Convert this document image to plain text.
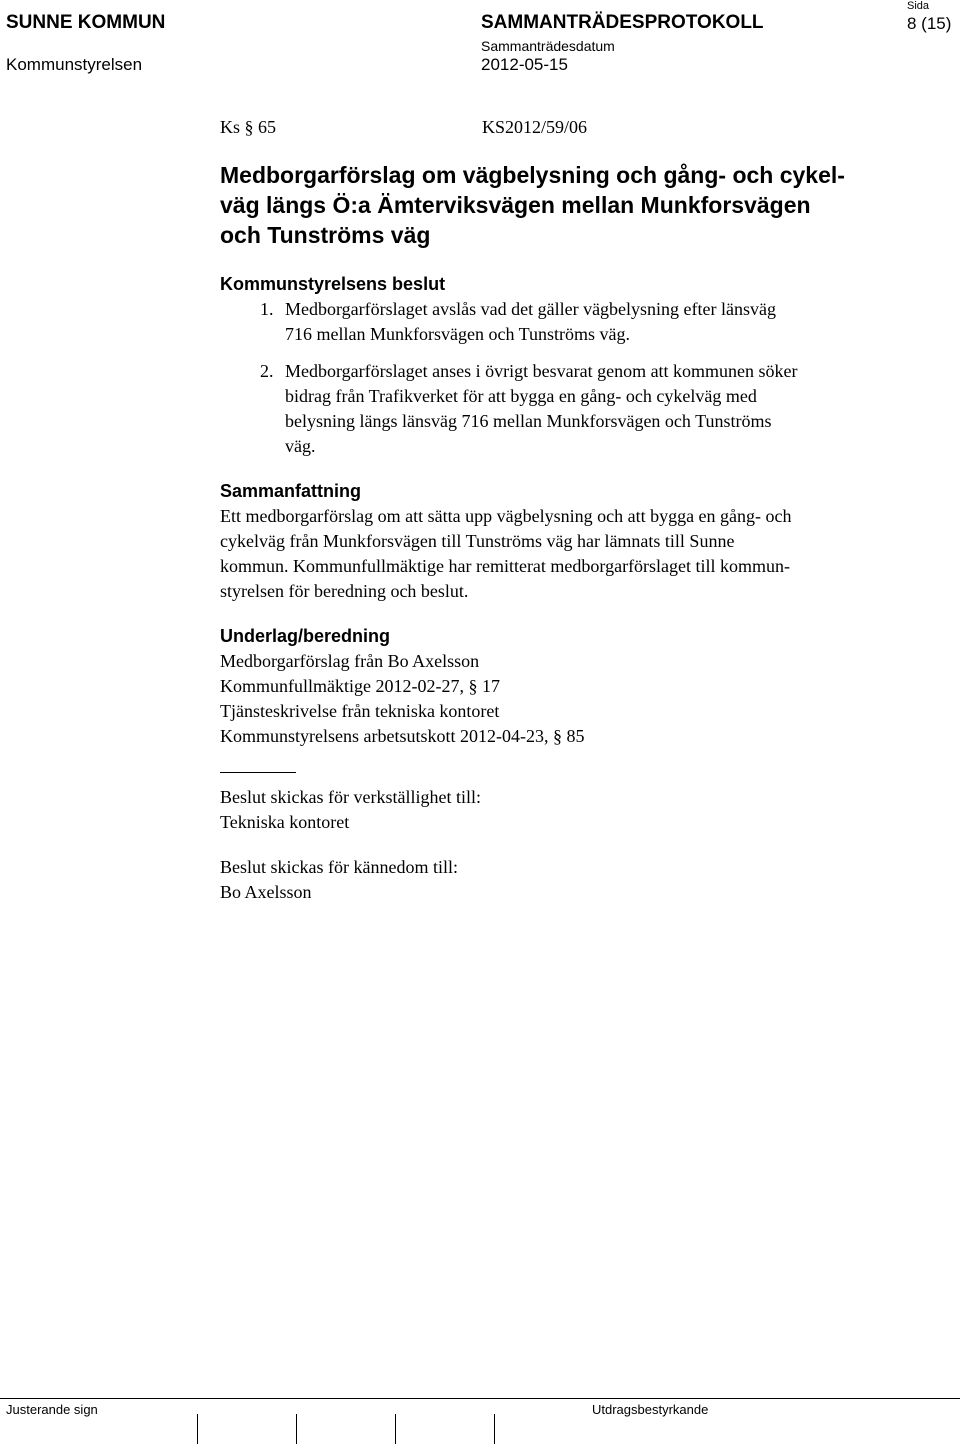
SUNNE KOMMUN
Kommunstyrelsen
SAMMANTRÄDESPROTOKOLL
Sammanträdesdatum
2012-05-15
Sida
8 (15)
Ks § 65	KS2012/59/06
Medborgarförslag om vägbelysning och gång- och cykel-
väg längs Ö:a Ämterviksvägen mellan Munkforsvägen
och Tunströms väg
Kommunstyrelsens beslut
1. Medborgarförslaget avslås vad det gäller vägbelysning efter länsväg
716 mellan Munkforsvägen och Tunströms väg.
2. Medborgarförslaget anses i övrigt besvarat genom att kommunen söker
bidrag från Trafikverket för att bygga en gång- och cykelväg med
belysning längs länsväg 716 mellan Munkforsvägen och Tunströms
väg.
Sammanfattning
Ett medborgarförslag om att sätta upp vägbelysning och att bygga en gång- och
cykelväg från Munkforsvägen till Tunströms väg har lämnats till Sunne
kommun. Kommunfullmäktige har remitterat medborgarförslaget till kommun-
styrelsen för beredning och beslut.
Underlag/beredning
Medborgarförslag från Bo Axelsson
Kommunfullmäktige 2012-02-27, § 17
Tjänsteskrivelse från tekniska kontoret
Kommunstyrelsens arbetsutskott 2012-04-23, § 85
Beslut skickas för verkställighet till:
Tekniska kontoret
Beslut skickas för kännedom till:
Bo Axelsson
Justerande sign	Utdragsbestyrkande
